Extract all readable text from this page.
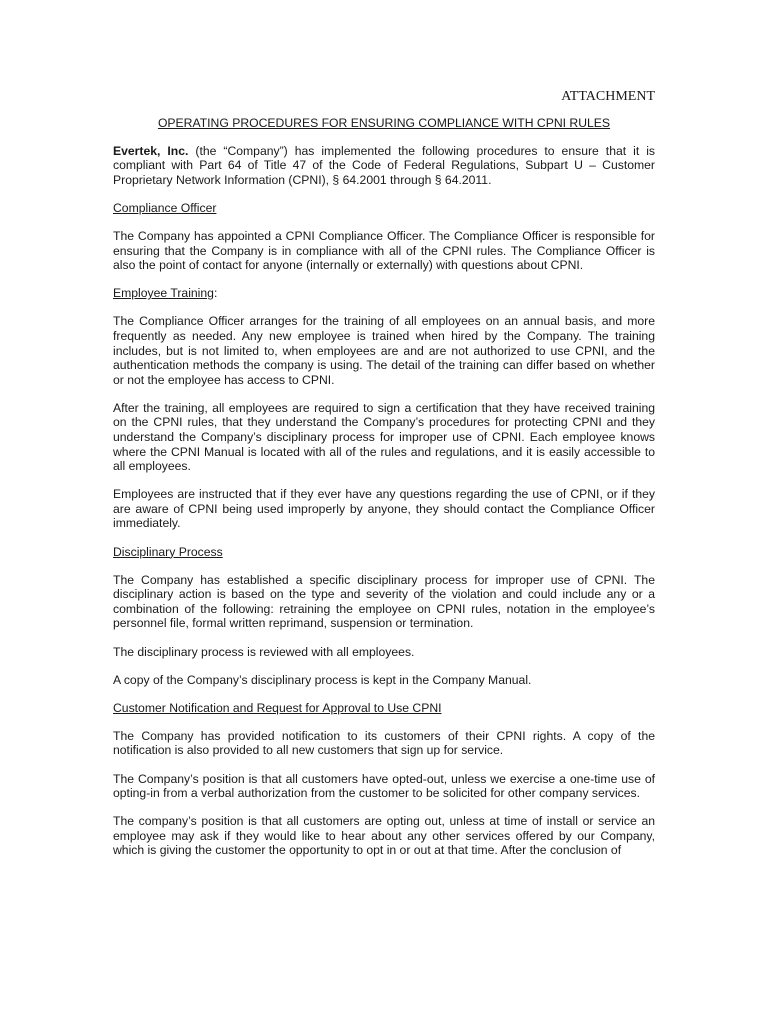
ATTACHMENT
OPERATING PROCEDURES FOR ENSURING COMPLIANCE WITH CPNI RULES

Evertek, Inc. (the “Company”) has implemented the following procedures to ensure that it is compliant with Part 64 of Title 47 of the Code of Federal Regulations, Subpart U – Customer Proprietary Network Information (CPNI), § 64.2001 through § 64.2011.

Compliance Officer

The Company has appointed a CPNI Compliance Officer. The Compliance Officer is responsible for ensuring that the Company is in compliance with all of the CPNI rules. The Compliance Officer is also the point of contact for anyone (internally or externally) with questions about CPNI.

Employee Training:

The Compliance Officer arranges for the training of all employees on an annual basis, and more frequently as needed. Any new employee is trained when hired by the Company. The training includes, but is not limited to, when employees are and are not authorized to use CPNI, and the authentication methods the company is using. The detail of the training can differ based on whether or not the employee has access to CPNI.

After the training, all employees are required to sign a certification that they have received training on the CPNI rules, that they understand the Company’s procedures for protecting CPNI and they understand the Company’s disciplinary process for improper use of CPNI. Each employee knows where the CPNI Manual is located with all of the rules and regulations, and it is easily accessible to all employees.

Employees are instructed that if they ever have any questions regarding the use of CPNI, or if they are aware of CPNI being used improperly by anyone, they should contact the Compliance Officer immediately.

Disciplinary Process

The Company has established a specific disciplinary process for improper use of CPNI. The disciplinary action is based on the type and severity of the violation and could include any or a combination of the following: retraining the employee on CPNI rules, notation in the employee’s personnel file, formal written reprimand, suspension or termination.

The disciplinary process is reviewed with all employees.

A copy of the Company’s disciplinary process is kept in the Company Manual.

Customer Notification and Request for Approval to Use CPNI

The Company has provided notification to its customers of their CPNI rights. A copy of the notification is also provided to all new customers that sign up for service.

The Company’s position is that all customers have opted-out, unless we exercise a one-time use of opting-in from a verbal authorization from the customer to be solicited for other company services.

The company’s position is that all customers are opting out, unless at time of install or service an employee may ask if they would like to hear about any other services offered by our Company, which is giving the customer the opportunity to opt in or out at that time. After the conclusion of
